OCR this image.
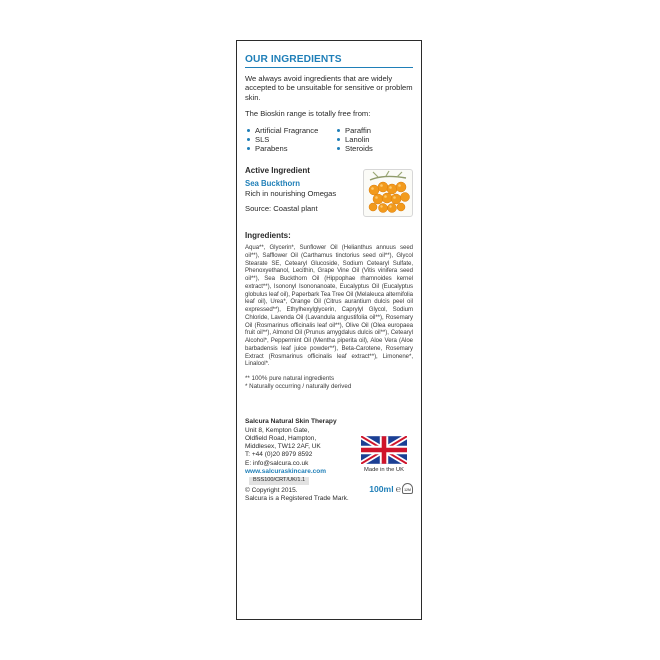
OUR INGREDIENTS

We always avoid ingredients that are widely accepted to be unsuitable for sensitive or problem skin.

The Bioskin range is totally free from:

Artificial Fragrance	Paraffin
SLS	Lanolin
Parabens	Steroids

Active Ingredient

Sea Buckthorn

Rich in nourishing Omegas

Source: Coastal plant

Ingredients:

Aqua**, Glycerin*, Sunflower Oil (Helianthus annuus seed oil**), Safflower Oil (Carthamus tinctorius seed oil**), Glycol Stearate SE, Cetearyl Glucoside, Sodium Cetearyl Sulfate, Phenoxyethanol, Lecithin, Grape Vine Oil (Vitis vinifera seed oil**), Sea Buckthorn Oil (Hippophae rhamnoides kernel extract**), Isononyl Isononanoate, Eucalyptus Oil (Eucalyptus globulus leaf oil), Paperbark Tea Tree Oil (Melaleuca alternifolia leaf oil), Urea*, Orange Oil (Citrus aurantium dulcis peel oil expressed**), Ethylhexylglycerin, Caprylyl Glycol, Sodium Chloride, Lavenda Oil (Lavandula angustifolia oil**), Rosemary Oil (Rosmarinus officinalis leaf oil**), Olive Oil (Olea europaea fruit oil**), Almond Oil (Prunus amygdalus dulcis oil**), Cetearyl Alcohol*, Peppermint Oil (Mentha piperita oil), Aloe Vera (Aloe barbadensis leaf juice powder**), Beta-Carotene, Rosemary Extract (Rosmarinus officinalis leaf extract**), Limonene*, Linalool*.

** 100% pure natural ingredients
* Naturally occurring / naturally derived
Salcura Natural Skin Therapy
Unit 8, Kempton Gate,
Oldfield Road, Hampton,
Middlesex, TW12 2AF, UK
T: +44 (0)20 8979 8592
E: info@salcura.co.uk
www.salcuraskincare.com
BSS100/CRT/UK/1.1
© Copyright 2015.
Salcura is a Registered Trade Mark.
Made in the UK
100ml ℮ 12M
